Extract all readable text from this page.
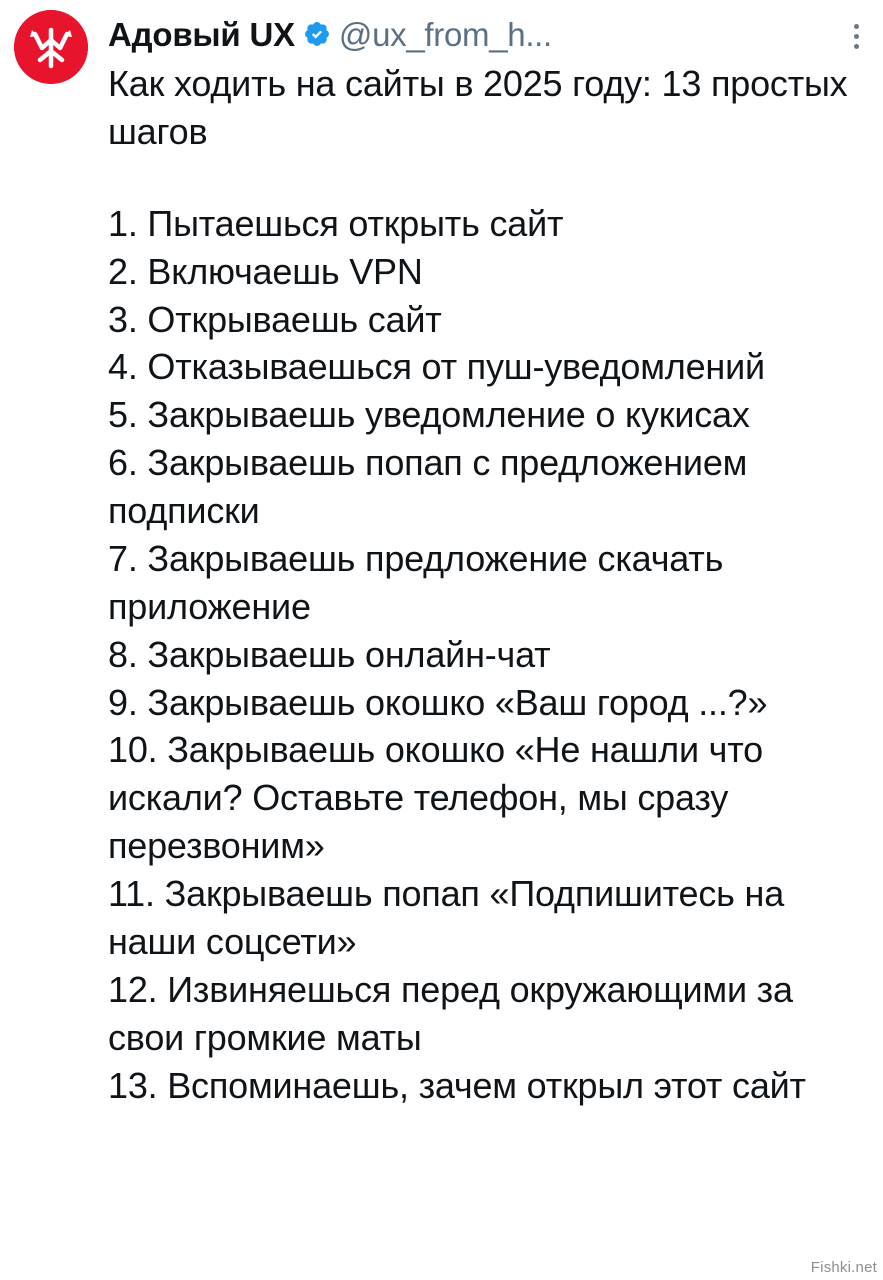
Адовый UX @ux_from_h...
Как ходить на сайты в 2025 году: 13 простых шагов
1. Пытаешься открыть сайт
2. Включаешь VPN
3. Открываешь сайт
4. Отказываешься от пуш-уведомлений
5. Закрываешь уведомление о кукисах
6. Закрываешь попап с предложением подписки
7. Закрываешь предложение скачать приложение
8. Закрываешь онлайн-чат
9. Закрываешь окошко «Ваш город ...?»
10. Закрываешь окошко «Не нашли что искали? Оставьте телефон, мы сразу перезвоним»
11. Закрываешь попап «Подпишитесь на наши соцсети»
12. Извиняешься перед окружающими за свои громкие маты
13. Вспоминаешь, зачем открыл этот сайт
Fishki.net
